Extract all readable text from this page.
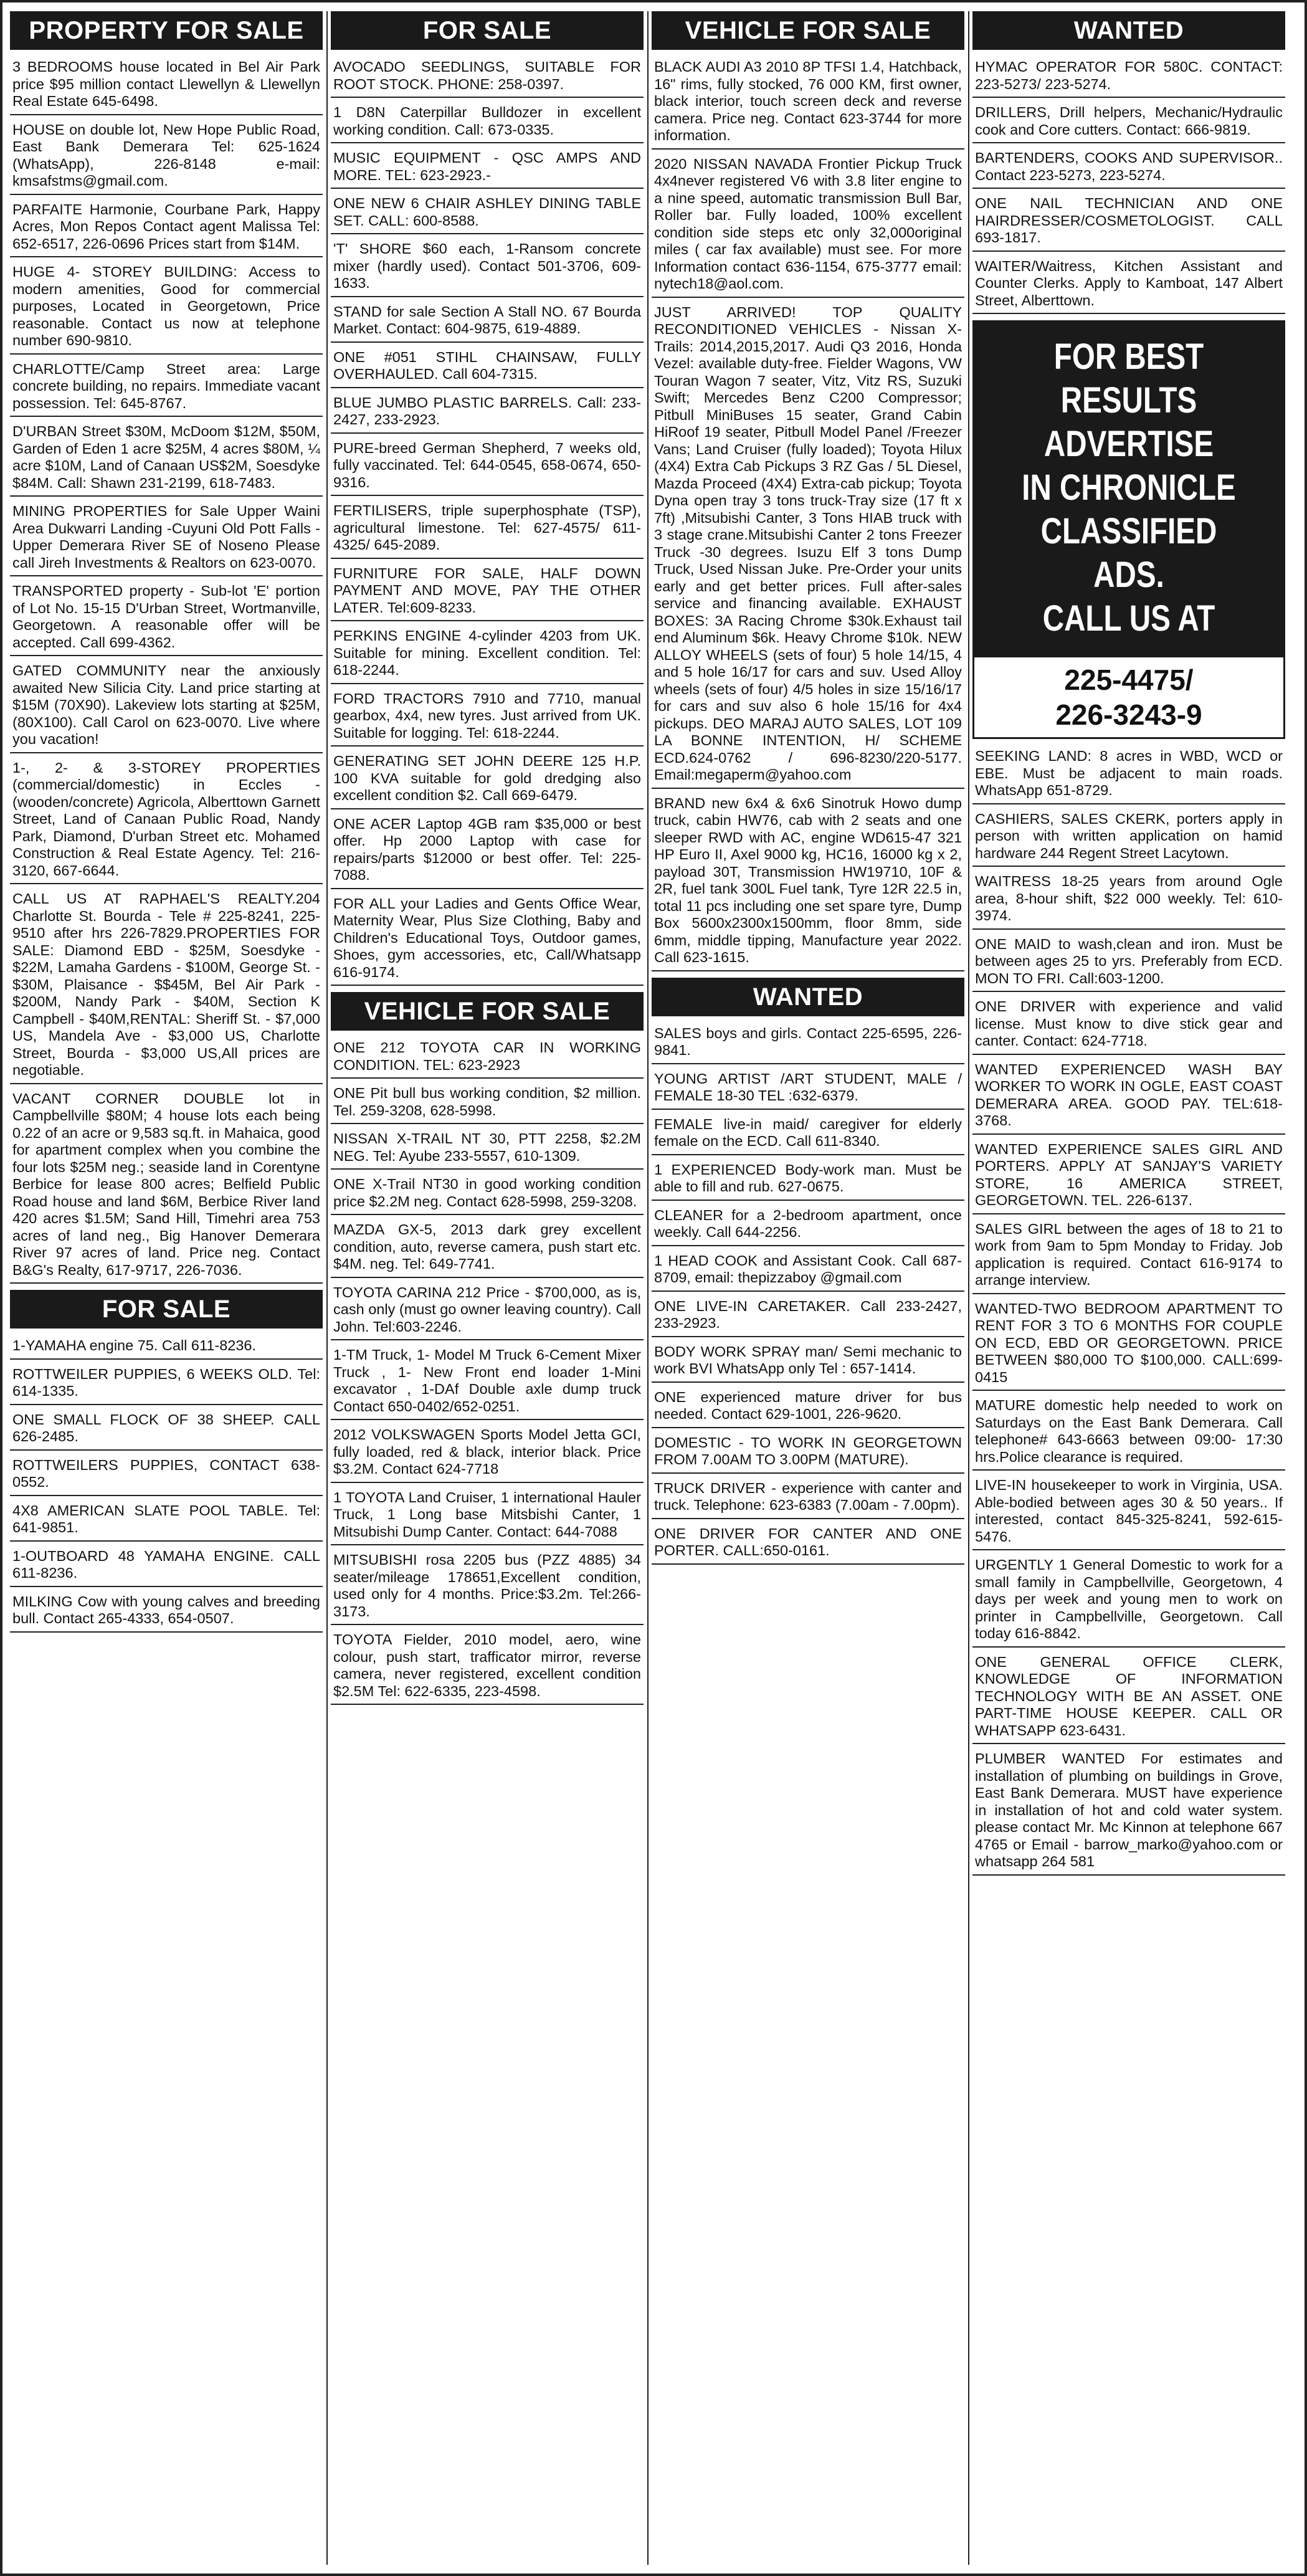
PROPERTY FOR SALE
3 BEDROOMS house located in Bel Air Park price $95 million contact Llewellyn & Llewellyn Real Estate 645-6498.
HOUSE on double lot, New Hope Public Road, East Bank Demerara Tel: 625-1624 (WhatsApp), 226-8148 e-mail: kmsafstms@gmail.com.
PARFAITE Harmonie, Courbane Park, Happy Acres, Mon Repos Contact agent Malissa Tel: 652-6517, 226-0696 Prices start from $14M.
HUGE 4- STOREY BUILDING: Access to modern amenities, Good for commercial purposes, Located in Georgetown, Price reasonable. Contact us now at telephone number 690-9810.
CHARLOTTE/Camp Street area: Large concrete building, no repairs. Immediate vacant possession. Tel: 645-8767.
D'URBAN Street $30M, McDoom $12M, $50M, Garden of Eden 1 acre $25M, 4 acres $80M, ¼ acre $10M, Land of Canaan US$2M, Soesdyke $84M. Call: Shawn 231-2199, 618-7483.
MINING PROPERTIES for Sale Upper Waini Area Dukwarri Landing -Cuyuni Old Pott Falls - Upper Demerara River SE of Noseno Please call Jireh Investments & Realtors on 623-0070.
TRANSPORTED property - Sub-lot 'E' portion of Lot No. 15-15 D'Urban Street, Wortmanville, Georgetown. A reasonable offer will be accepted. Call 699-4362.
GATED COMMUNITY near the anxiously awaited New Silicia City. Land price starting at $15M (70X90). Lakeview lots starting at $25M, (80X100). Call Carol on 623-0070. Live where you vacation!
1-, 2- & 3-STOREY PROPERTIES (commercial/domestic) in Eccles - (wooden/concrete) Agricola, Alberttown Garnett Street, Land of Canaan Public Road, Nandy Park, Diamond, D'urban Street etc. Mohamed Construction & Real Estate Agency. Tel: 216-3120, 667-6644.
CALL US AT RAPHAEL'S REALTY.204 Charlotte St. Bourda - Tele # 225-8241, 225-9510 after hrs 226-7829.PROPERTIES FOR SALE: Diamond EBD - $25M, Soesdyke - $22M, Lamaha Gardens - $100M, George St. - $30M, Plaisance - $$45M, Bel Air Park - $200M, Nandy Park - $40M, Section K Campbell - $40M,RENTAL: Sheriff St. - $7,000 US, Mandela Ave - $3,000 US, Charlotte Street, Bourda - $3,000 US,All prices are negotiable.
VACANT CORNER DOUBLE lot in Campbellville $80M; 4 house lots each being 0.22 of an acre or 9,583 sq.ft. in Mahaica, good for apartment complex when you combine the four lots $25M neg.; seaside land in Corentyne Berbice for lease 800 acres; Belfield Public Road house and land $6M, Berbice River land 420 acres $1.5M; Sand Hill, Timehri area 753 acres of land neg., Big Hanover Demerara River 97 acres of land. Price neg. Contact B&G's Realty, 617-9717, 226-7036.
FOR SALE
1-YAMAHA engine 75. Call 611-8236.
ROTTWEILER PUPPIES, 6 WEEKS OLD. Tel: 614-1335.
ONE SMALL FLOCK OF 38 SHEEP. CALL 626-2485.
ROTTWEILERS PUPPIES, CONTACT 638-0552.
4X8 AMERICAN SLATE POOL TABLE. Tel: 641-9851.
1-OUTBOARD 48 YAMAHA ENGINE. CALL 611-8236.
MILKING Cow with young calves and breeding bull. Contact 265-4333, 654-0507.
FOR SALE
AVOCADO SEEDLINGS, SUITABLE FOR ROOT STOCK. PHONE: 258-0397.
1 D8N Caterpillar Bulldozer in excellent working condition. Call: 673-0335.
MUSIC EQUIPMENT - QSC AMPS AND MORE. TEL: 623-2923.-
ONE NEW 6 CHAIR ASHLEY DINING TABLE SET. CALL: 600-8588.
'T' SHORE $60 each, 1-Ransom concrete mixer (hardly used). Contact 501-3706, 609-1633.
STAND for sale Section A Stall NO. 67 Bourda Market. Contact: 604-9875, 619-4889.
ONE #051 STIHL CHAINSAW, FULLY OVERHAULED. Call 604-7315.
BLUE JUMBO PLASTIC BARRELS. Call: 233-2427, 233-2923.
PURE-breed German Shepherd, 7 weeks old, fully vaccinated. Tel: 644-0545, 658-0674, 650-9316.
FERTILISERS, triple superphosphate (TSP), agricultural limestone. Tel: 627-4575/ 611-4325/ 645-2089.
FURNITURE FOR SALE, HALF DOWN PAYMENT AND MOVE, PAY THE OTHER LATER. Tel:609-8233.
PERKINS ENGINE 4-cylinder 4203 from UK. Suitable for mining. Excellent condition. Tel: 618-2244.
FORD TRACTORS 7910 and 7710, manual gearbox, 4x4, new tyres. Just arrived from UK. Suitable for logging. Tel: 618-2244.
GENERATING SET JOHN DEERE 125 H.P. 100 KVA suitable for gold dredging also excellent condition $2. Call 669-6479.
ONE ACER Laptop 4GB ram $35,000 or best offer. Hp 2000 Laptop with case for repairs/parts $12000 or best offer. Tel: 225-7088.
FOR ALL your Ladies and Gents Office Wear, Maternity Wear, Plus Size Clothing, Baby and Children's Educational Toys, Outdoor games, Shoes, gym accessories, etc, Call/Whatsapp 616-9174.
VEHICLE FOR SALE
ONE 212 TOYOTA CAR IN WORKING CONDITION. TEL: 623-2923
ONE Pit bull bus working condition, $2 million. Tel. 259-3208, 628-5998.
NISSAN X-TRAIL NT 30, PTT 2258, $2.2M NEG. Tel: Ayube 233-5557, 610-1309.
ONE X-Trail NT30 in good working condition price $2.2M neg. Contact 628-5998, 259-3208.
MAZDA GX-5, 2013 dark grey excellent condition, auto, reverse camera, push start etc. $4M. neg. Tel: 649-7741.
TOYOTA CARINA 212 Price - $700,000, as is, cash only (must go owner leaving country). Call John. Tel:603-2246.
1-TM Truck, 1- Model M Truck 6-Cement Mixer Truck , 1- New Front end loader 1-Mini excavator , 1-DAf Double axle dump truck Contact 650-0402/652-0251.
2012 VOLKSWAGEN Sports Model Jetta GCI, fully loaded, red & black, interior black. Price $3.2M. Contact 624-7718
1 TOYOTA Land Cruiser, 1 international Hauler Truck, 1 Long base Mitsbishi Canter, 1 Mitsubishi Dump Canter. Contact: 644-7088
MITSUBISHI rosa 2205 bus (PZZ 4885) 34 seater/mileage 178651,Excellent condition, used only for 4 months. Price:$3.2m. Tel:266-3173.
TOYOTA Fielder, 2010 model, aero, wine colour, push start, trafficator mirror, reverse camera, never registered, excellent condition $2.5M Tel: 622-6335, 223-4598.
VEHICLE FOR SALE
BLACK AUDI A3 2010 8P TFSI 1.4, Hatchback, 16" rims, fully stocked, 76 000 KM, first owner, black interior, touch screen deck and reverse camera. Price neg. Contact 623-3744 for more information.
2020 NISSAN NAVADA Frontier Pickup Truck 4x4never registered V6 with 3.8 liter engine to a nine speed, automatic transmission Bull Bar, Roller bar. Fully loaded, 100% excellent condition side steps etc only 32,000original miles ( car fax available) must see. For more Information contact 636-1154, 675-3777 email: nytech18@aol.com.
JUST ARRIVED! TOP QUALITY RECONDITIONED VEHICLES - Nissan X-Trails: 2014,2015,2017. Audi Q3 2016, Honda Vezel: available duty-free. Fielder Wagons, VW Touran Wagon 7 seater, Vitz, Vitz RS, Suzuki Swift; Mercedes Benz C200 Compressor; Pitbull MiniBuses 15 seater, Grand Cabin HiRoof 19 seater, Pitbull Model Panel /Freezer Vans; Land Cruiser (fully loaded); Toyota Hilux (4X4) Extra Cab Pickups 3 RZ Gas / 5L Diesel, Mazda Proceed (4X4) Extra-cab pickup; Toyota Dyna open tray 3 tons truck-Tray size (17 ft x 7ft) ,Mitsubishi Canter, 3 Tons HIAB truck with 3 stage crane.Mitsubishi Canter 2 tons Freezer Truck -30 degrees. Isuzu Elf 3 tons Dump Truck, Used Nissan Juke. Pre-Order your units early and get better prices. Full after-sales service and financing available. EXHAUST BOXES: 3A Racing Chrome $30k.Exhaust tail end Aluminum $6k. Heavy Chrome $10k. NEW ALLOY WHEELS (sets of four) 5 hole 14/15, 4 and 5 hole 16/17 for cars and suv. Used Alloy wheels (sets of four) 4/5 holes in size 15/16/17 for cars and suv also 6 hole 15/16 for 4x4 pickups. DEO MARAJ AUTO SALES, LOT 109 LA BONNE INTENTION, H/ SCHEME ECD.624-0762 / 696-8230/220-5177. Email:megaperm@yahoo.com
BRAND new 6x4 & 6x6 Sinotruk Howo dump truck, cabin HW76, cab with 2 seats and one sleeper RWD with AC, engine WD615-47 321 HP Euro II, Axel 9000 kg, HC16, 16000 kg x 2, payload 30T, Transmission HW19710, 10F & 2R, fuel tank 300L Fuel tank, Tyre 12R 22.5 in, total 11 pcs including one set spare tyre, Dump Box 5600x2300x1500mm, floor 8mm, side 6mm, middle tipping, Manufacture year 2022. Call 623-1615.
WANTED
SALES boys and girls. Contact 225-6595, 226-9841.
YOUNG ARTIST /ART STUDENT, MALE / FEMALE 18-30 TEL :632-6379.
FEMALE live-in maid/ caregiver for elderly female on the ECD. Call 611-8340.
1 EXPERIENCED Body-work man. Must be able to fill and rub. 627-0675.
CLEANER for a 2-bedroom apartment, once weekly. Call 644-2256.
1 HEAD COOK and Assistant Cook. Call 687-8709, email: thepizzaboy @gmail.com
ONE LIVE-IN CARETAKER. Call 233-2427, 233-2923.
BODY WORK SPRAY man/ Semi mechanic to work BVI WhatsApp only Tel : 657-1414.
ONE experienced mature driver for bus needed. Contact 629-1001, 226-9620.
DOMESTIC - TO WORK IN GEORGETOWN FROM 7.00AM TO 3.00PM (MATURE).
TRUCK DRIVER - experience with canter and truck. Telephone: 623-6383 (7.00am - 7.00pm).
ONE DRIVER FOR CANTER AND ONE PORTER. CALL:650-0161.
WANTED
HYMAC OPERATOR FOR 580C. CONTACT: 223-5273/ 223-5274.
DRILLERS, Drill helpers, Mechanic/Hydraulic cook and Core cutters. Contact: 666-9819.
BARTENDERS, COOKS AND SUPERVISOR.. Contact 223-5273, 223-5274.
ONE NAIL TECHNICIAN AND ONE HAIRDRESSER/COSMETOLOGIST. CALL 693-1817.
WAITER/Waitress, Kitchen Assistant and Counter Clerks. Apply to Kamboat, 147 Albert Street, Alberttown.
FOR BEST RESULTS
ADVERTISE
IN CHRONICLE
CLASSIFIED ADS.
CALL US AT
225-4475/
226-3243-9
SEEKING LAND: 8 acres in WBD, WCD or EBE. Must be adjacent to main roads. WhatsApp 651-8729.
CASHIERS, SALES CKERK, porters apply in person with written application on hamid hardware 244 Regent Street Lacytown.
WAITRESS 18-25 years from around Ogle area, 8-hour shift, $22 000 weekly. Tel: 610-3974.
ONE MAID to wash,clean and iron. Must be between ages 25 to yrs. Preferably from ECD. MON TO FRI. Call:603-1200.
ONE DRIVER with experience and valid license. Must know to dive stick gear and canter. Contact: 624-7718.
WANTED EXPERIENCED WASH BAY WORKER TO WORK IN OGLE, EAST COAST DEMERARA AREA. GOOD PAY. TEL:618-3768.
WANTED EXPERIENCE SALES GIRL AND PORTERS. APPLY AT SANJAY'S VARIETY STORE, 16 AMERICA STREET, GEORGETOWN. TEL. 226-6137.
SALES GIRL between the ages of 18 to 21 to work from 9am to 5pm Monday to Friday. Job application is required. Contact 616-9174 to arrange interview.
WANTED-TWO BEDROOM APARTMENT TO RENT FOR 3 TO 6 MONTHS FOR COUPLE ON ECD, EBD OR GEORGETOWN. PRICE BETWEEN $80,000 TO $100,000. CALL:699-0415
MATURE domestic help needed to work on Saturdays on the East Bank Demerara. Call telephone# 643-6663 between 09:00- 17:30 hrs.Police clearance is required.
LIVE-IN housekeeper to work in Virginia, USA. Able-bodied between ages 30 & 50 years.. If interested, contact 845-325-8241, 592-615-5476.
URGENTLY 1 General Domestic to work for a small family in Campbellville, Georgetown, 4 days per week and young men to work on printer in Campbellville, Georgetown. Call today 616-8842.
ONE GENERAL OFFICE CLERK, KNOWLEDGE OF INFORMATION TECHNOLOGY WITH BE AN ASSET. ONE PART-TIME HOUSE KEEPER. CALL OR WHATSAPP 623-6431.
PLUMBER WANTED For estimates and installation of plumbing on buildings in Grove, East Bank Demerara. MUST have experience in installation of hot and cold water system. please contact Mr. Mc Kinnon at telephone 667 4765 or Email - barrow_marko@yahoo.com or whatsapp 264 581
